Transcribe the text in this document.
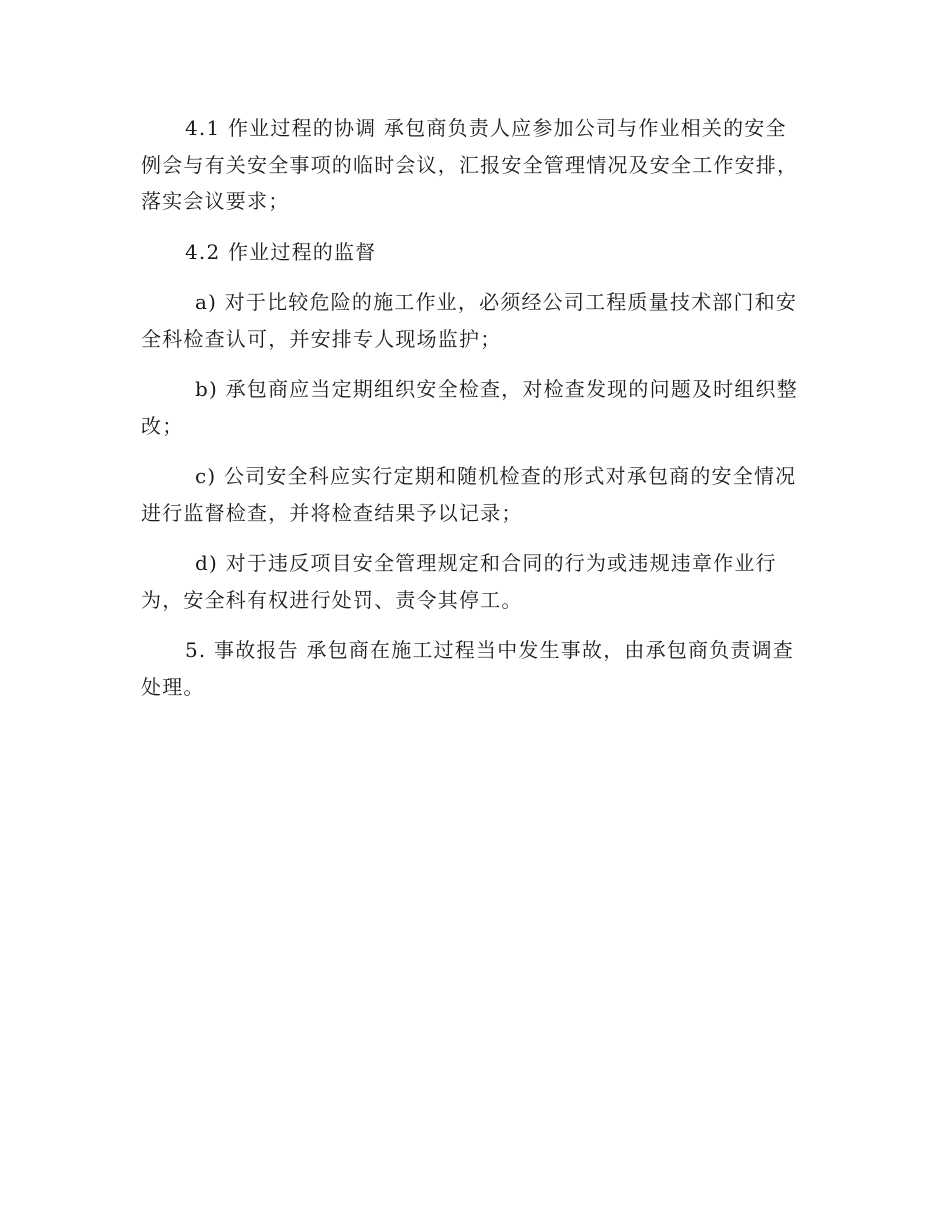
4.1 作业过程的协调 承包商负责人应参加公司与作业相关的安全例会与有关安全事项的临时会议，汇报安全管理情况及安全工作安排，落实会议要求；

4.2 作业过程的监督

a) 对于比较危险的施工作业，必须经公司工程质量技术部门和安全科检查认可，并安排专人现场监护；

b) 承包商应当定期组织安全检查，对检查发现的问题及时组织整改；

c) 公司安全科应实行定期和随机检查的形式对承包商的安全情况进行监督检查，并将检查结果予以记录；

d) 对于违反项目安全管理规定和合同的行为或违规违章作业行为，安全科有权进行处罚、责令其停工。

5. 事故报告 承包商在施工过程当中发生事故，由承包商负责调查处理。
